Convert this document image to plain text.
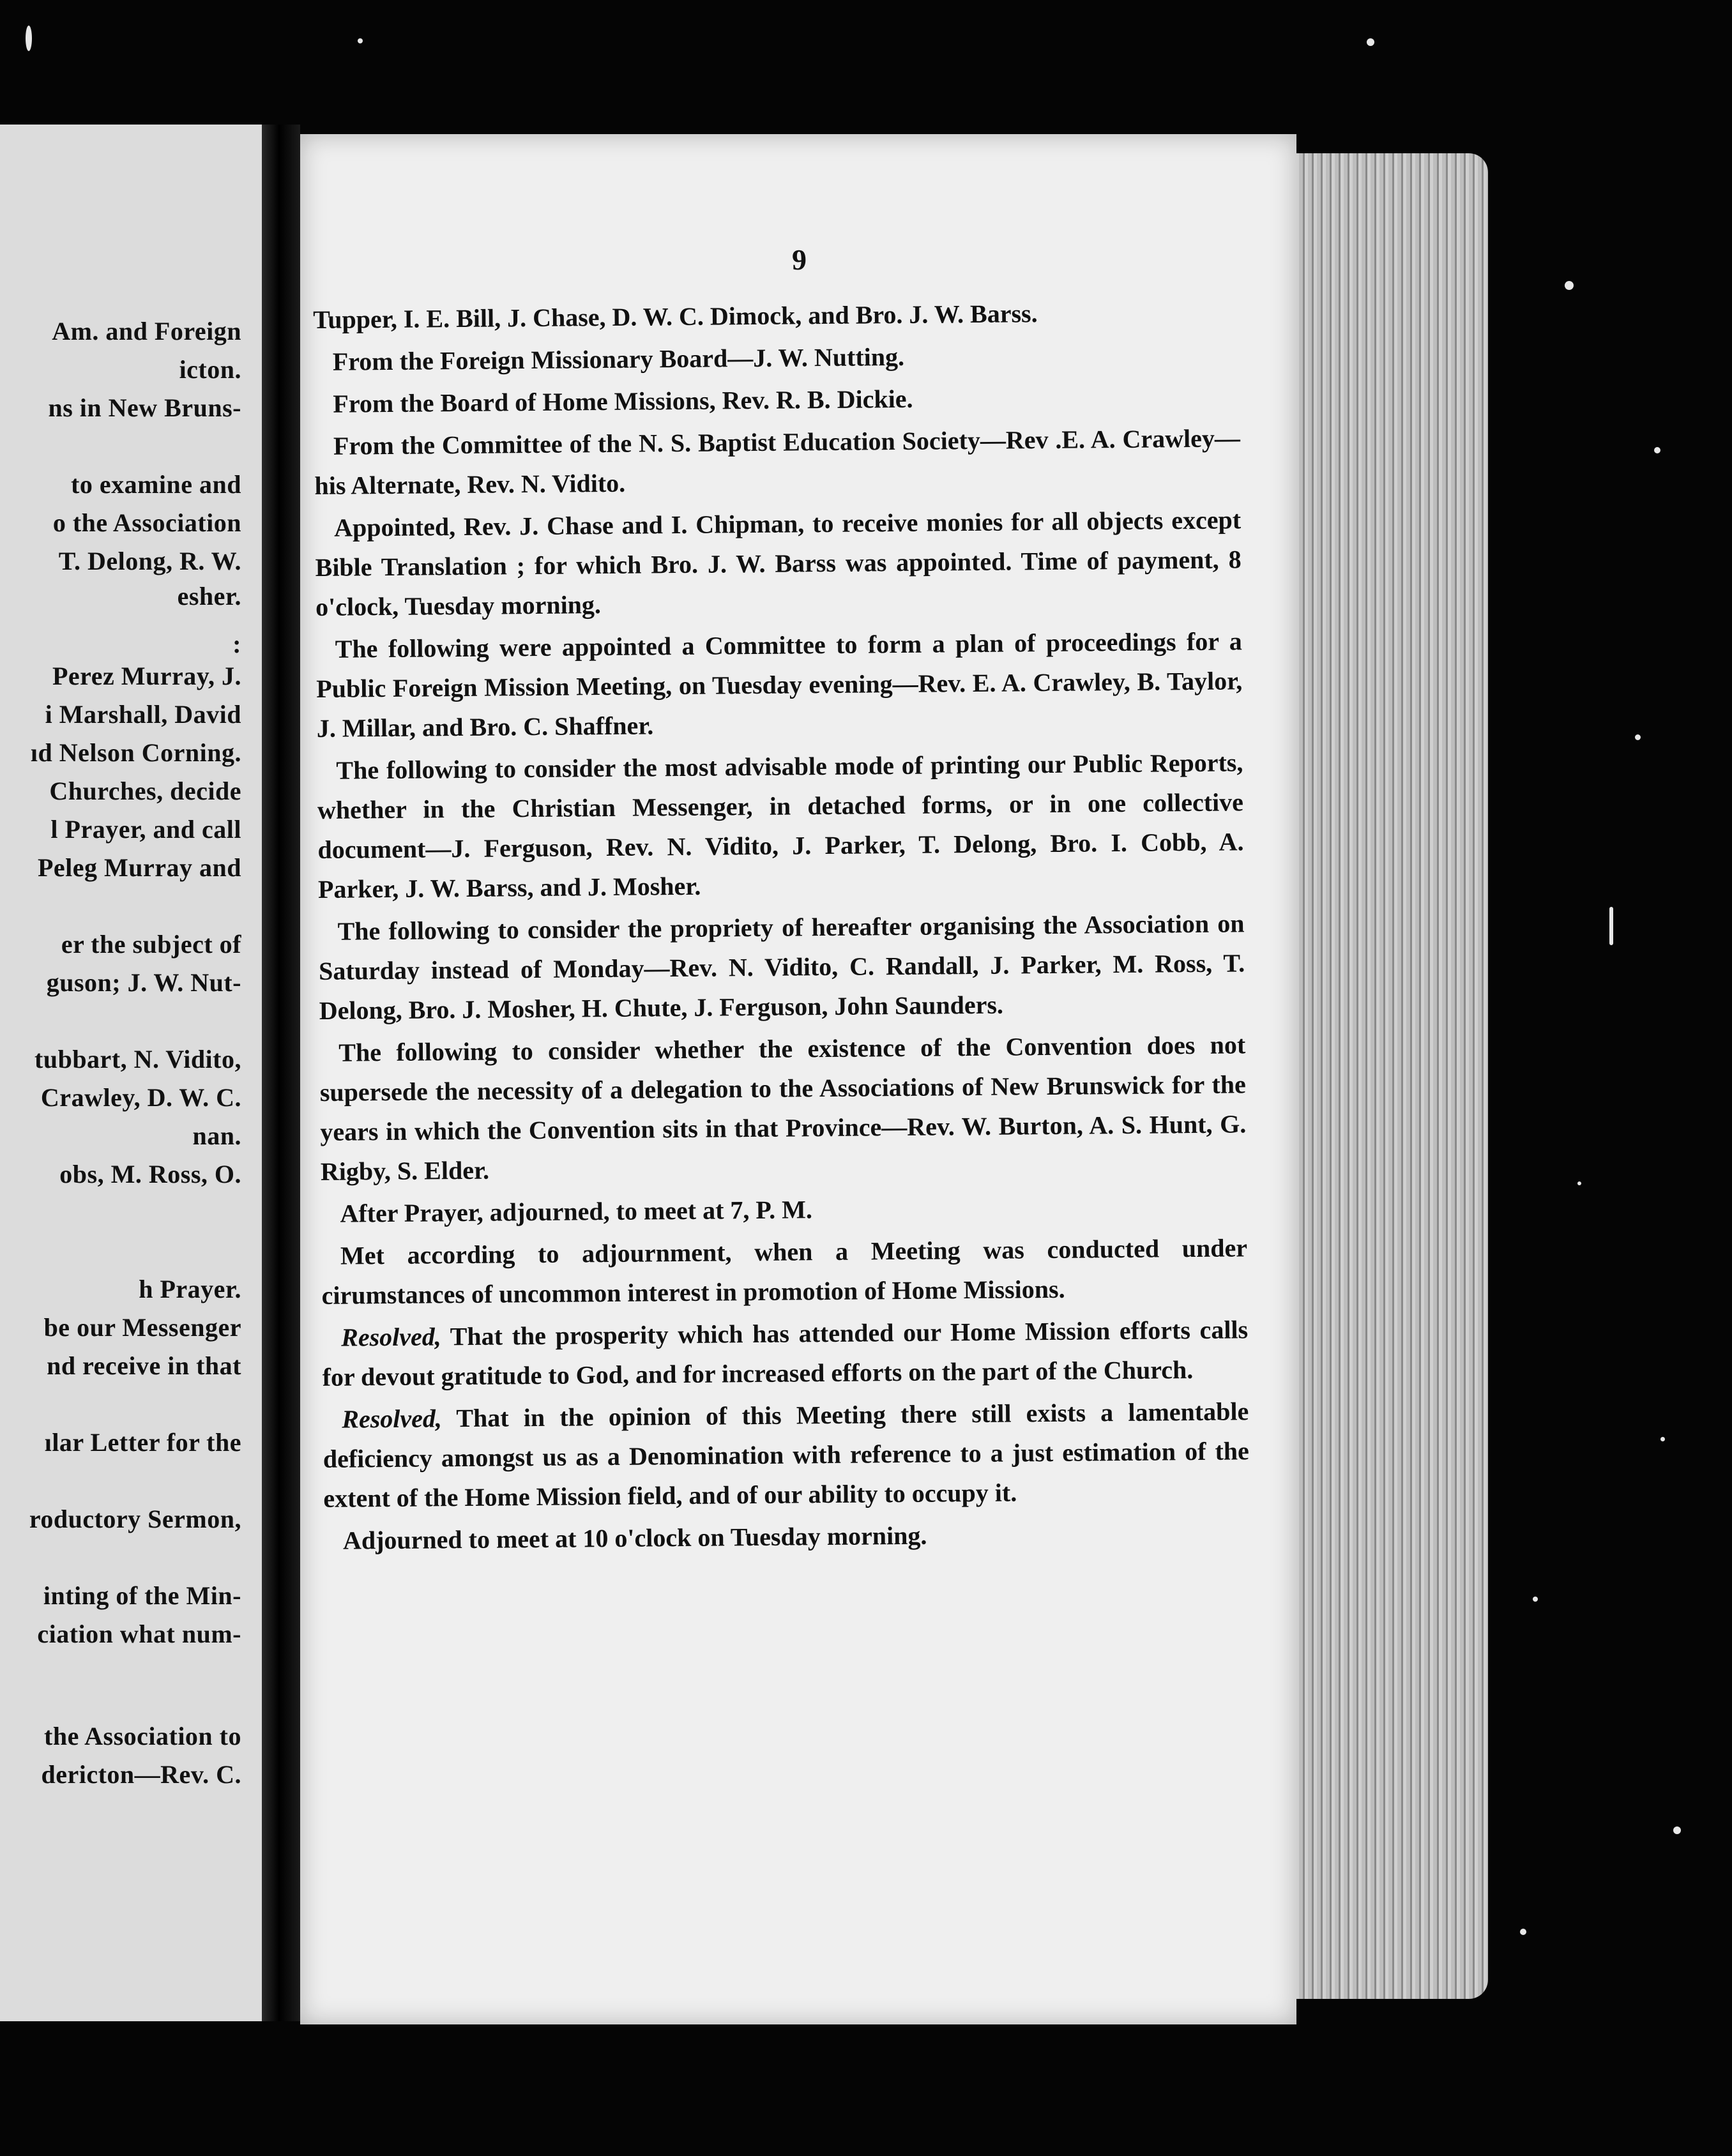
Am. and Foreign
icton.
ns in New Bruns-
to examine and
o the Association
T. Delong, R. W.
esher.
:
Perez Murray, J.
i Marshall, David
ıd Nelson Corning.
Churches, decide
l Prayer, and call
Peleg Murray and
er the subject of
guson; J. W. Nut-
tubbart, N. Vidito,
Crawley, D. W. C.
nan.
obs, M. Ross, O.
h Prayer.
be our Messenger
nd receive in that
ılar Letter for the
roductory Sermon,
inting of the Min-
ciation what num-
the Association to
dericton—Rev. C.
9

Tupper, I. E. Bill, J. Chase, D. W. C. Dimock, and Bro. J. W. Barss.

From the Foreign Missionary Board—J. W. Nutting.

From the Board of Home Missions, Rev. R. B. Dickie.

From the Committee of the N. S. Baptist Education Society—Rev .E. A. Crawley—his Alternate, Rev. N. Vidito.

Appointed, Rev. J. Chase and I. Chipman, to receive monies for all objects except Bible Translation ; for which Bro. J. W. Barss was appointed. Time of payment, 8 o'clock, Tuesday morning.

The following were appointed a Committee to form a plan of proceedings for a Public Foreign Mission Meeting, on Tuesday evening—Rev. E. A. Crawley, B. Taylor, J. Millar, and Bro. C. Shaffner.

The following to consider the most advisable mode of printing our Public Reports, whether in the Christian Messenger, in detached forms, or in one collective document—J. Ferguson, Rev. N. Vidito, J. Parker, T. Delong, Bro. I. Cobb, A. Parker, J. W. Barss, and J. Mosher.

The following to consider the propriety of hereafter organising the Association on Saturday instead of Monday—Rev. N. Vidito, C. Randall, J. Parker, M. Ross, T. Delong, Bro. J. Mosher, H. Chute, J. Ferguson, John Saunders.

The following to consider whether the existence of the Convention does not supersede the necessity of a delegation to the Associations of New Brunswick for the years in which the Convention sits in that Province—Rev. W. Burton, A. S. Hunt, G. Rigby, S. Elder.

After Prayer, adjourned, to meet at 7, P. M.

Met according to adjournment, when a Meeting was conducted under cirumstances of uncommon interest in promotion of Home Missions.

Resolved, That the prosperity which has attended our Home Mission efforts calls for devout gratitude to God, and for increased efforts on the part of the Church.

Resolved, That in the opinion of this Meeting there still exists a lamentable deficiency amongst us as a Denomination with reference to a just estimation of the extent of the Home Mission field, and of our ability to occupy it.

Adjourned to meet at 10 o'clock on Tuesday morning.
